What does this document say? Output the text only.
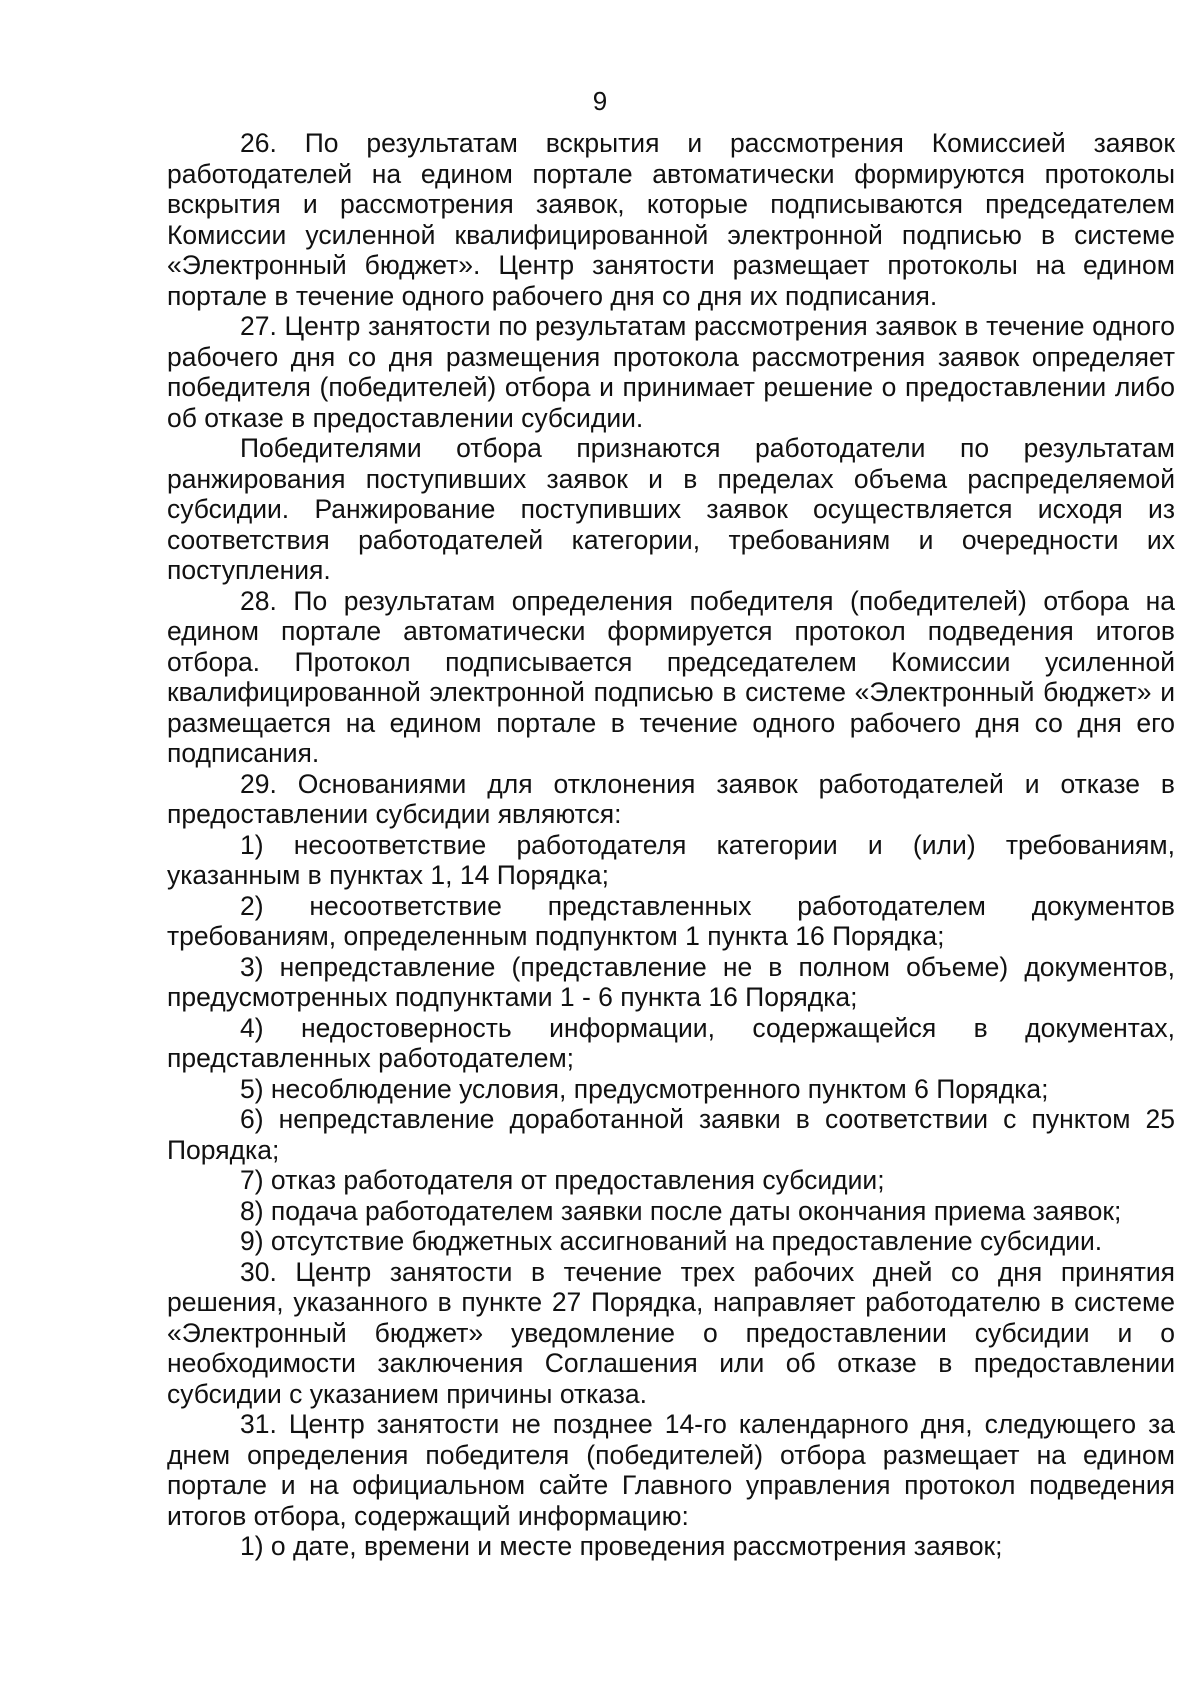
9

26. По результатам вскрытия и рассмотрения Комиссией заявок работодателей на едином портале автоматически формируются протоколы вскрытия и рассмотрения заявок, которые подписываются председателем Комиссии усиленной квалифицированной электронной подписью в системе «Электронный бюджет». Центр занятости размещает протоколы на едином портале в течение одного рабочего дня со дня их подписания.

27. Центр занятости по результатам рассмотрения заявок в течение одного рабочего дня со дня размещения протокола рассмотрения заявок определяет победителя (победителей) отбора и принимает решение о предоставлении либо об отказе в предоставлении субсидии.

Победителями отбора признаются работодатели по результатам ранжирования поступивших заявок и в пределах объема распределяемой субсидии. Ранжирование поступивших заявок осуществляется исходя из соответствия работодателей категории, требованиям и очередности их поступления.

28. По результатам определения победителя (победителей) отбора на едином портале автоматически формируется протокол подведения итогов отбора. Протокол подписывается председателем Комиссии усиленной квалифицированной электронной подписью в системе «Электронный бюджет» и размещается на едином портале в течение одного рабочего дня со дня его подписания.

29. Основаниями для отклонения заявок работодателей и отказе в предоставлении субсидии являются:

1) несоответствие работодателя категории и (или) требованиям, указанным в пунктах 1, 14 Порядка;

2) несоответствие представленных работодателем документов требованиям, определенным подпунктом 1 пункта 16 Порядка;

3) непредставление (представление не в полном объеме) документов, предусмотренных подпунктами 1 - 6 пункта 16 Порядка;

4) недостоверность информации, содержащейся в документах, представленных работодателем;

5) несоблюдение условия, предусмотренного пунктом 6 Порядка;

6) непредставление доработанной заявки в соответствии с пунктом 25 Порядка;

7) отказ работодателя от предоставления субсидии;

8) подача работодателем заявки после даты окончания приема заявок;

9) отсутствие бюджетных ассигнований на предоставление субсидии.

30. Центр занятости в течение трех рабочих дней со дня принятия решения, указанного в пункте 27 Порядка, направляет работодателю в системе «Электронный бюджет» уведомление о предоставлении субсидии и о необходимости заключения Соглашения или об отказе в предоставлении субсидии с указанием причины отказа.

31. Центр занятости не позднее 14-го календарного дня, следующего за днем определения победителя (победителей) отбора размещает на едином портале и на официальном сайте Главного управления протокол подведения итогов отбора, содержащий информацию:

1) о дате, времени и месте проведения рассмотрения заявок;
